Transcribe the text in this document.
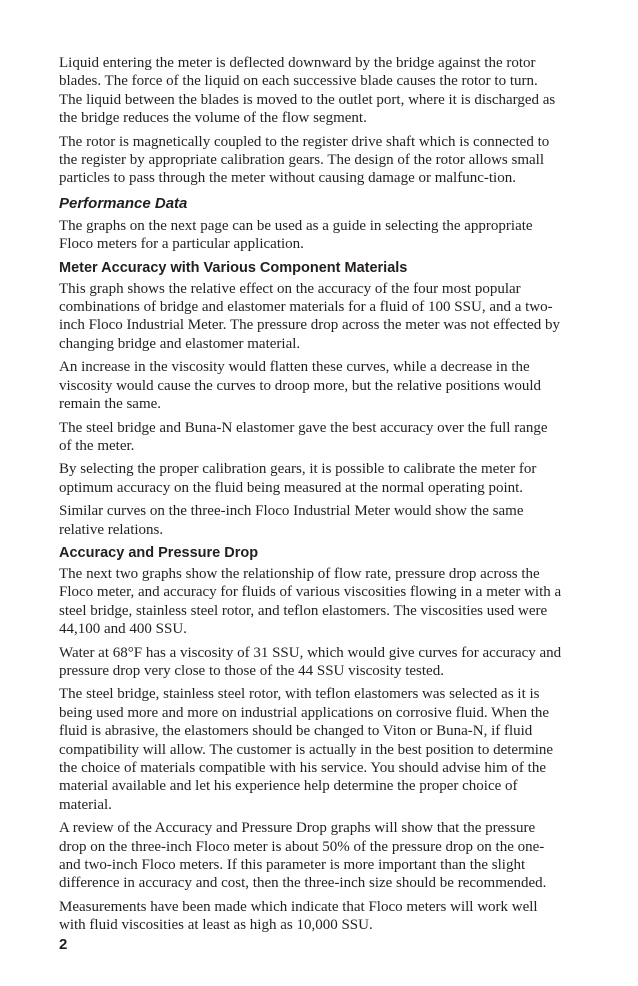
Liquid entering the meter is deflected downward by the bridge against the rotor blades. The force of the liquid on each successive blade causes the rotor to turn. The liquid between the blades is moved to the outlet port, where it is discharged as the bridge reduces the volume of the flow segment.

The rotor is magnetically coupled to the register drive shaft which is connected to the register by appropriate calibration gears. The design of the rotor allows small particles to pass through the meter without causing damage or malfunc-tion.

Performance Data

The graphs on the next page can be used as a guide in selecting the appropriate Floco meters for a particular application.

Meter Accuracy with Various Component Materials

This graph shows the relative effect on the accuracy of the four most popular combinations of bridge and elastomer materials for a fluid of 100 SSU, and a two-inch Floco Industrial Meter. The pressure drop across the meter was not effected by changing bridge and elastomer material.

An increase in the viscosity would flatten these curves, while a decrease in the viscosity would cause the curves to droop more, but the relative positions would remain the same.

The steel bridge and Buna-N elastomer gave the best accuracy over the full range of the meter.

By selecting the proper calibration gears, it is possible to calibrate the meter for optimum accuracy on the fluid being measured at the normal operating point.

Similar curves on the three-inch Floco Industrial Meter would show the same relative relations.

Accuracy and Pressure Drop

The next two graphs show the relationship of flow rate, pressure drop across the Floco meter, and accuracy for fluids of various viscosities flowing in a meter with a steel bridge, stainless steel rotor, and teflon elastomers. The viscosities used were 44,100 and 400 SSU.

Water at 68°F has a viscosity of 31 SSU, which would give curves for accuracy and pressure drop very close to those of the 44 SSU viscosity tested.

The steel bridge, stainless steel rotor, with teflon elastomers was selected as it is being used more and more on industrial applications on corrosive fluid. When the fluid is abrasive, the elastomers should be changed to Viton or Buna-N, if fluid compatibility will allow. The customer is actually in the best position to determine the choice of materials compatible with his service. You should advise him of the material available and let his experience help determine the proper choice of material.

A review of the Accuracy and Pressure Drop graphs will show that the pressure drop on the three-inch Floco meter is about 50% of the pressure drop on the one- and two-inch Floco meters. If this parameter is more important than the slight difference in accuracy and cost, then the three-inch size should be recommended.

Measurements have been made which indicate that Floco meters will work well with fluid viscosities at least as high as 10,000 SSU.

2
